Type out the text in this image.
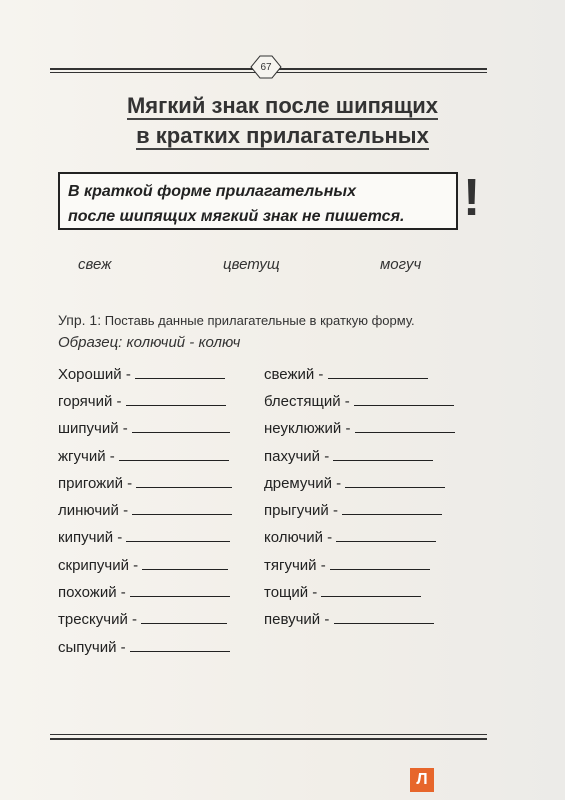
67
Мягкий знак после шипящих
в кратких прилагательных
В краткой форме прилагательных
после шипящих мягкий знак не пишется.	!
свеж	цветущ	могуч
Упр. 1: Поставь данные прилагательные в краткую форму.
Образец: колючий - колюч
Хороший -
горячий -
шипучий -
жгучий -
пригожий -
линючий -
кипучий -
скрипучий -
похожий -
трескучий -
сыпучий -
свежий -
блестящий -
неуклюжий -
пахучий -
дремучий -
прыгучий -
колючий -
тягучий -
тощий -
певучий -
Л
